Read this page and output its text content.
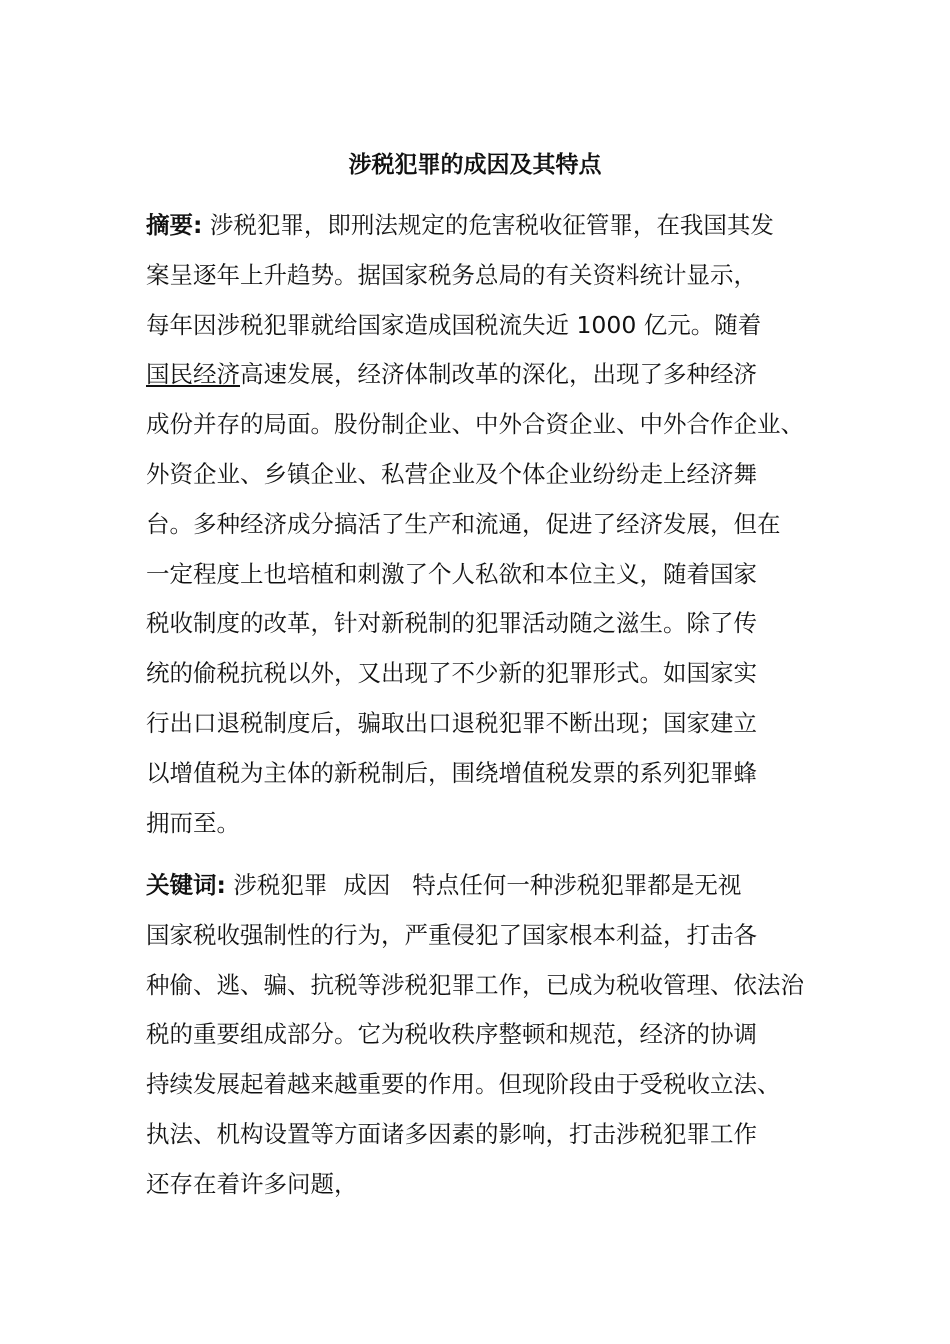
涉税犯罪的成因及其特点
摘要: 涉税犯罪，即刑法规定的危害税收征管罪，在我国其发
案呈逐年上升趋势。据国家税务总局的有关资料统计显示，
每年因涉税犯罪就给国家造成国税流失近 1000 亿元。随着
国民经济高速发展，经济体制改革的深化，出现了多种经济
成份并存的局面。股份制企业、中外合资企业、中外合作企业、
外资企业、乡镇企业、私营企业及个体企业纷纷走上经济舞
台。多种经济成分搞活了生产和流通，促进了经济发展，但在
一定程度上也培植和刺激了个人私欲和本位主义，随着国家
税收制度的改革，针对新税制的犯罪活动随之滋生。除了传
统的偷税抗税以外，又出现了不少新的犯罪形式。如国家实
行出口退税制度后，骗取出口退税犯罪不断出现；国家建立
以增值税为主体的新税制后，围绕增值税发票的系列犯罪蜂
拥而至。
关键词: 涉税犯罪 成因 特点任何一种涉税犯罪都是无视
国家税收强制性的行为，严重侵犯了国家根本利益，打击各
种偷、逃、骗、抗税等涉税犯罪工作，已成为税收管理、依法治
税的重要组成部分。它为税收秩序整顿和规范，经济的协调
持续发展起着越来越重要的作用。但现阶段由于受税收立法、
执法、机构设置等方面诸多因素的影响，打击涉税犯罪工作
还存在着许多问题，
